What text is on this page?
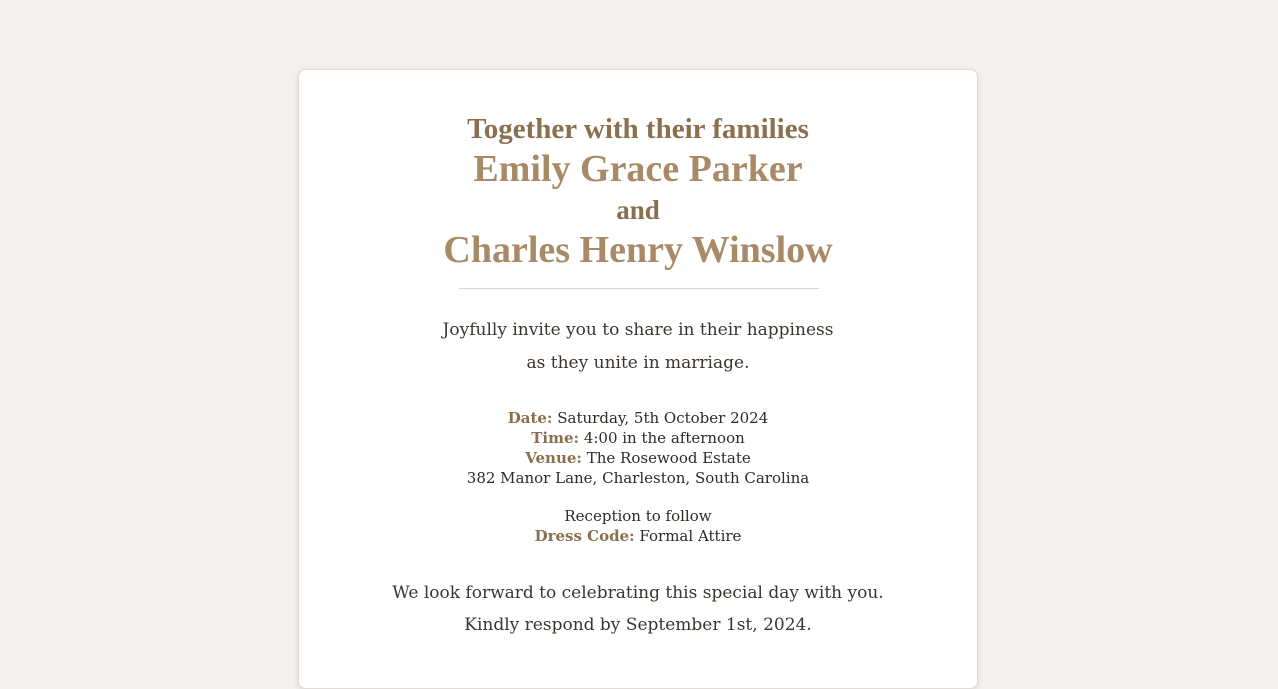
Together with their families
Emily Grace Parker
and
Charles Henry Winslow
Joyfully invite you to share in their happiness
as they unite in marriage.
Date: Saturday, 5th October 2024
Time: 4:00 in the afternoon
Venue: The Rosewood Estate
382 Manor Lane, Charleston, South Carolina
Reception to follow
Dress Code: Formal Attire
We look forward to celebrating this special day with you.
Kindly respond by September 1st, 2024.
